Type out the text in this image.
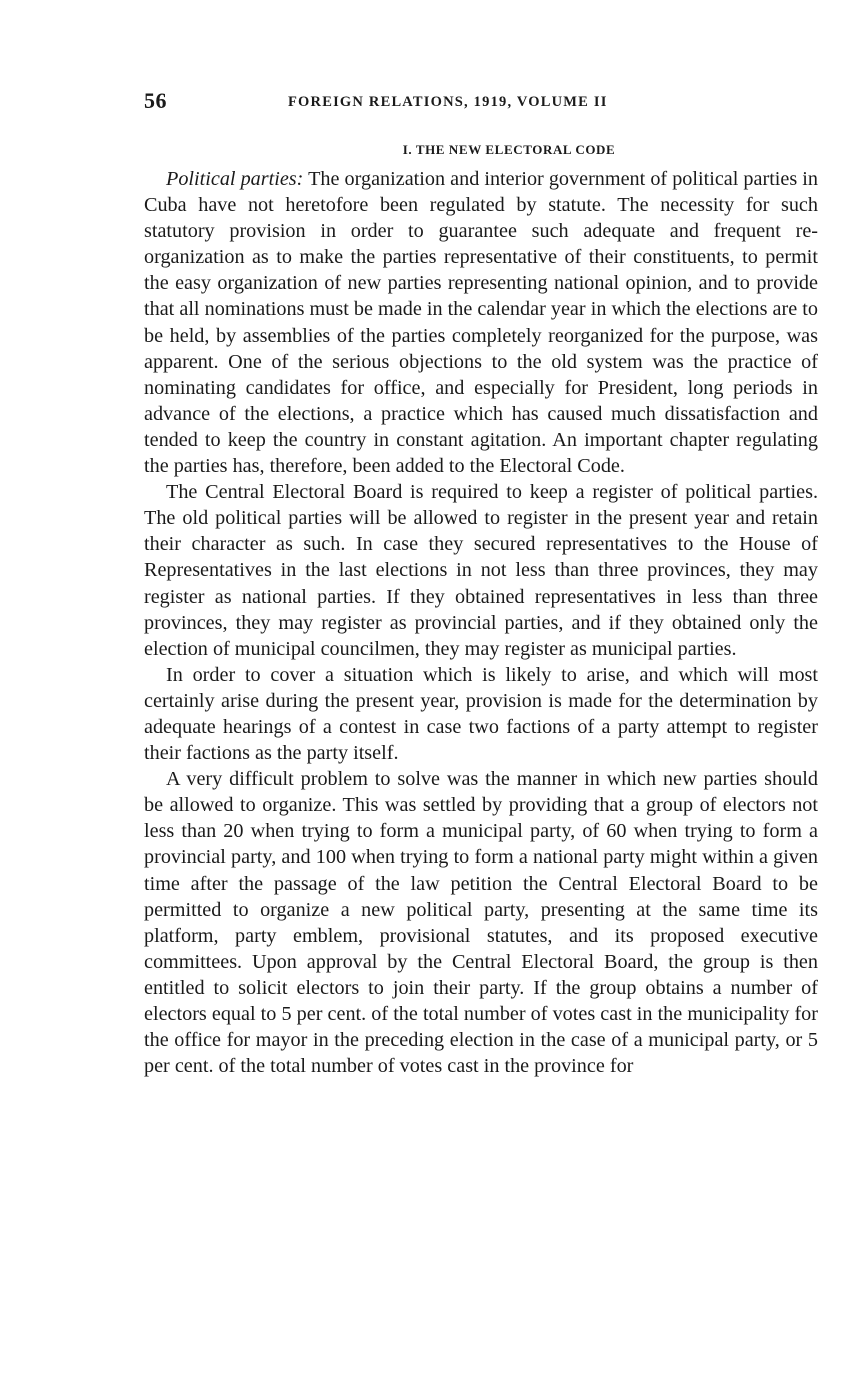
56	FOREIGN RELATIONS, 1919, VOLUME II
I. THE NEW ELECTORAL CODE

Political parties: The organization and interior government of political parties in Cuba have not heretofore been regulated by statute. The necessity for such statutory provision in order to guarantee such adequate and frequent re-organization as to make the parties representative of their constituents, to permit the easy organization of new parties representing national opinion, and to provide that all nominations must be made in the calendar year in which the elections are to be held, by assemblies of the parties completely reorganized for the purpose, was apparent. One of the serious objections to the old system was the practice of nominating candidates for office, and especially for President, long periods in advance of the elections, a practice which has caused much dissatisfaction and tended to keep the country in constant agitation. An important chapter regulating the parties has, therefore, been added to the Electoral Code.

The Central Electoral Board is required to keep a register of political parties. The old political parties will be allowed to register in the present year and retain their character as such. In case they secured representatives to the House of Representatives in the last elections in not less than three provinces, they may register as national parties. If they obtained representatives in less than three provinces, they may register as provincial parties, and if they obtained only the election of municipal councilmen, they may register as municipal parties.

In order to cover a situation which is likely to arise, and which will most certainly arise during the present year, provision is made for the determination by adequate hearings of a contest in case two factions of a party attempt to register their factions as the party itself.

A very difficult problem to solve was the manner in which new parties should be allowed to organize. This was settled by providing that a group of electors not less than 20 when trying to form a municipal party, of 60 when trying to form a provincial party, and 100 when trying to form a national party might within a given time after the passage of the law petition the Central Electoral Board to be permitted to organize a new political party, presenting at the same time its platform, party emblem, provisional statutes, and its proposed executive committees. Upon approval by the Central Electoral Board, the group is then entitled to solicit electors to join their party. If the group obtains a number of electors equal to 5 per cent. of the total number of votes cast in the municipality for the office for mayor in the preceding election in the case of a municipal party, or 5 per cent. of the total number of votes cast in the province for
